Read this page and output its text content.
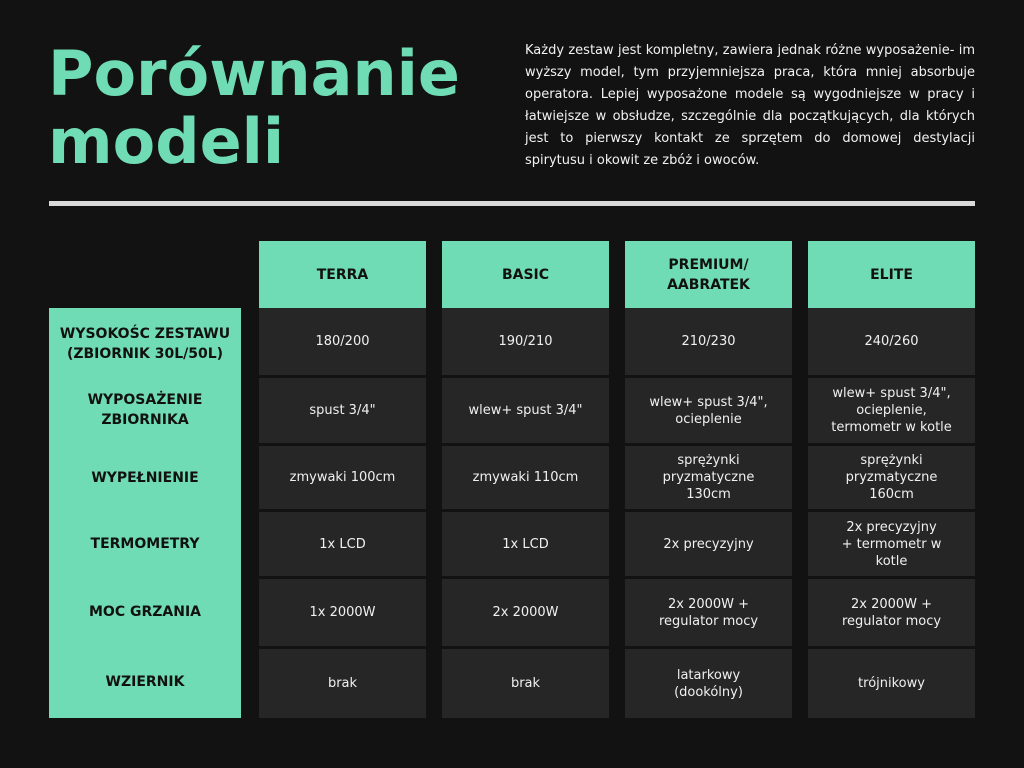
Porównanie
modeli

Każdy zestaw jest kompletny, zawiera jednak różne wyposażenie- im wyższy model, tym przyjemniejsza praca, która mniej absorbuje operatora. Lepiej wyposażone modele są wygodniejsze w pracy i łatwiejsze w obsłudze, szczególnie dla początkujących, dla których jest to pierwszy kontakt ze sprzętem do domowej destylacji spirytusu i okowit ze zbóż i owoców.

WYSOKOŚC ZESTAWU
(ZBIORNIK 30L/50L)
WYPOSAŻENIE
ZBIORNIKA
WYPEŁNIENIE
TERMOMETRY
MOC GRZANIA
WZIERNIK
TERRA
180/200
spust 3/4"
zmywaki 100cm
1x LCD
1x 2000W
brak
BASIC
190/210
wlew+ spust 3/4"
zmywaki 110cm
1x LCD
2x 2000W
brak
PREMIUM/
AABRATEK
210/230
wlew+ spust 3/4",
ocieplenie
sprężynki
pryzmatyczne
130cm
2x precyzyjny
2x 2000W +
regulator mocy
latarkowy
(dookólny)
ELITE
240/260
wlew+ spust 3/4",
ocieplenie,
termometr w kotle
sprężynki
pryzmatyczne
160cm
2x precyzyjny
+ termometr w
kotle
2x 2000W +
regulator mocy
trójnikowy
